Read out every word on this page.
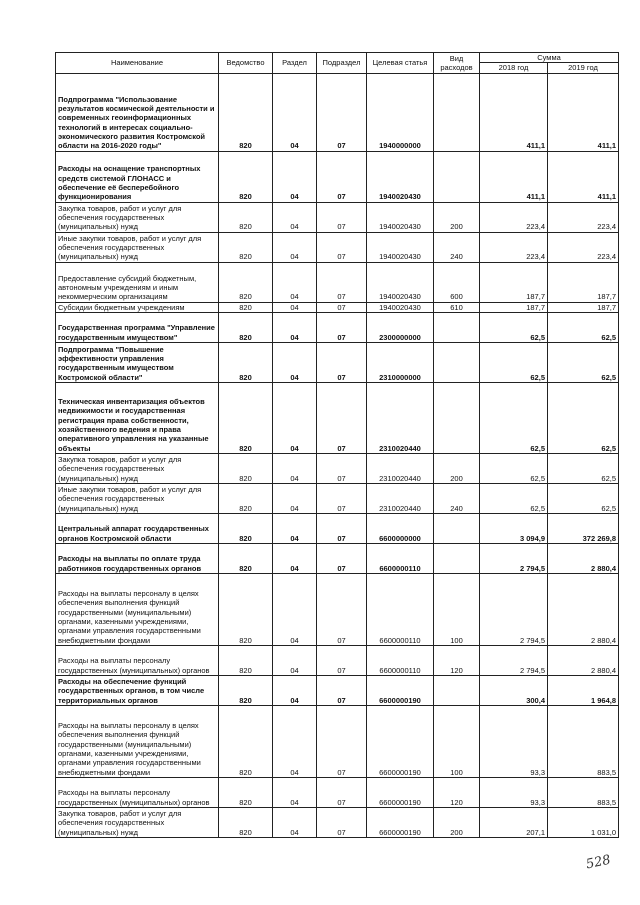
Наименование	Ведомство	Раздел	Подраздел	Целевая статья	Вид расходов	Сумма	
						2018 год	2019 год
Подпрограмма "Использование результатов космической деятельности и современных геоинформационных технологий в интересах социально-экономического развития Костромской области на 2016-2020 годы"	820	04	07	1940000000		411,1	411,1
Расходы на оснащение транспортных средств системой ГЛОНАСС и обеспечение её бесперебойного функционирования	820	04	07	1940020430		411,1	411,1
Закупка товаров, работ и услуг для обеспечения государственных (муниципальных) нужд	820	04	07	1940020430	200	223,4	223,4
Иные закупки товаров, работ и услуг для обеспечения государственных (муниципальных) нужд	820	04	07	1940020430	240	223,4	223,4
Предоставление субсидий бюджетным, автономным учреждениям и иным некоммерческим организациям	820	04	07	1940020430	600	187,7	187,7
Субсидии бюджетным учреждениям	820	04	07	1940020430	610	187,7	187,7
Государственная программа "Управление государственным имуществом"	820	04	07	2300000000		62,5	62,5
Подпрограмма "Повышение эффективности управления государственным имуществом Костромской области"	820	04	07	2310000000		62,5	62,5
Техническая инвентаризация объектов недвижимости и государственная регистрация права собственности, хозяйственного ведения и права оперативного управления на указанные объекты	820	04	07	2310020440		62,5	62,5
Закупка товаров, работ и услуг для обеспечения государственных (муниципальных) нужд	820	04	07	2310020440	200	62,5	62,5
Иные закупки товаров, работ и услуг для обеспечения государственных (муниципальных) нужд	820	04	07	2310020440	240	62,5	62,5
Центральный аппарат государственных органов Костромской области	820	04	07	6600000000		3 094,9	372 269,8
Расходы на выплаты по оплате труда работников государственных органов	820	04	07	6600000110		2 794,5	2 880,4
Расходы на выплаты персоналу в целях обеспечения выполнения функций государственными (муниципальными) органами, казенными учреждениями, органами управления государственными внебюджетными фондами	820	04	07	6600000110	100	2 794,5	2 880,4
Расходы на выплаты персоналу государственных (муниципальных) органов	820	04	07	6600000110	120	2 794,5	2 880,4
Расходы на обеспечение функций государственных органов, в том числе территориальных органов	820	04	07	6600000190		300,4	1 964,8
Расходы на выплаты персоналу в целях обеспечения выполнения функций государственными (муниципальными) органами, казенными учреждениями, органами управления государственными внебюджетными фондами	820	04	07	6600000190	100	93,3	883,5
Расходы на выплаты персоналу государственных (муниципальных) органов	820	04	07	6600000190	120	93,3	883,5
Закупка товаров, работ и услуг для обеспечения государственных (муниципальных) нужд	820	04	07	6600000190	200	207,1	1 031,0
528
